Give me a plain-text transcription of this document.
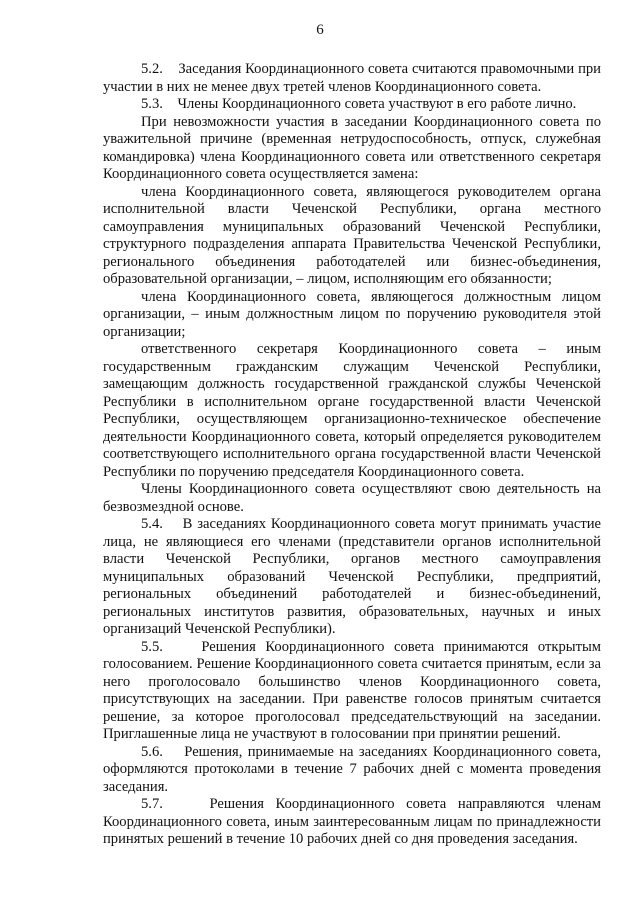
6

5.2.    Заседания Координационного совета считаются правомочными при участии в них не менее двух третей членов Координационного совета.

5.3.    Члены Координационного совета участвуют в его работе лично.

При невозможности участия в заседании Координационного совета по уважительной причине (временная нетрудоспособность, отпуск, служебная командировка) члена Координационного совета или ответственного секретаря Координационного совета осуществляется замена:

члена Координационного совета, являющегося руководителем органа исполнительной власти Чеченской Республики, органа местного самоуправления муниципальных образований Чеченской Республики, структурного подразделения аппарата Правительства Чеченской Республики, регионального объединения работодателей или бизнес-объединения, образовательной организации, – лицом, исполняющим его обязанности;

члена Координационного совета, являющегося должностным лицом организации, – иным должностным лицом по поручению руководителя этой организации;

ответственного секретаря Координационного совета – иным государственным гражданским служащим Чеченской Республики, замещающим должность государственной гражданской службы Чеченской Республики в исполнительном органе государственной власти Чеченской Республики, осуществляющем организационно-техническое обеспечение деятельности Координационного совета, который определяется руководителем соответствующего исполнительного органа государственной власти Чеченской Республики по поручению председателя Координационного совета.

Члены Координационного совета осуществляют свою деятельность на безвозмездной основе.

5.4.    В заседаниях Координационного совета могут принимать участие лица, не являющиеся его членами (представители органов исполнительной власти Чеченской Республики, органов местного самоуправления муниципальных образований Чеченской Республики, предприятий, региональных объединений работодателей и бизнес-объединений, региональных институтов развития, образовательных, научных и иных организаций Чеченской Республики).

5.5.    Решения Координационного совета принимаются открытым голосованием. Решение Координационного совета считается принятым, если за него проголосовало большинство членов Координационного совета, присутствующих на заседании. При равенстве голосов принятым считается решение, за которое проголосовал председательствующий на заседании. Приглашенные лица не участвуют в голосовании при принятии решений.

5.6.    Решения, принимаемые на заседаниях Координационного совета, оформляются протоколами в течение 7 рабочих дней с момента проведения заседания.

5.7.    Решения Координационного совета направляются членам Координационного совета, иным заинтересованным лицам по принадлежности принятых решений в течение 10 рабочих дней со дня проведения заседания.
